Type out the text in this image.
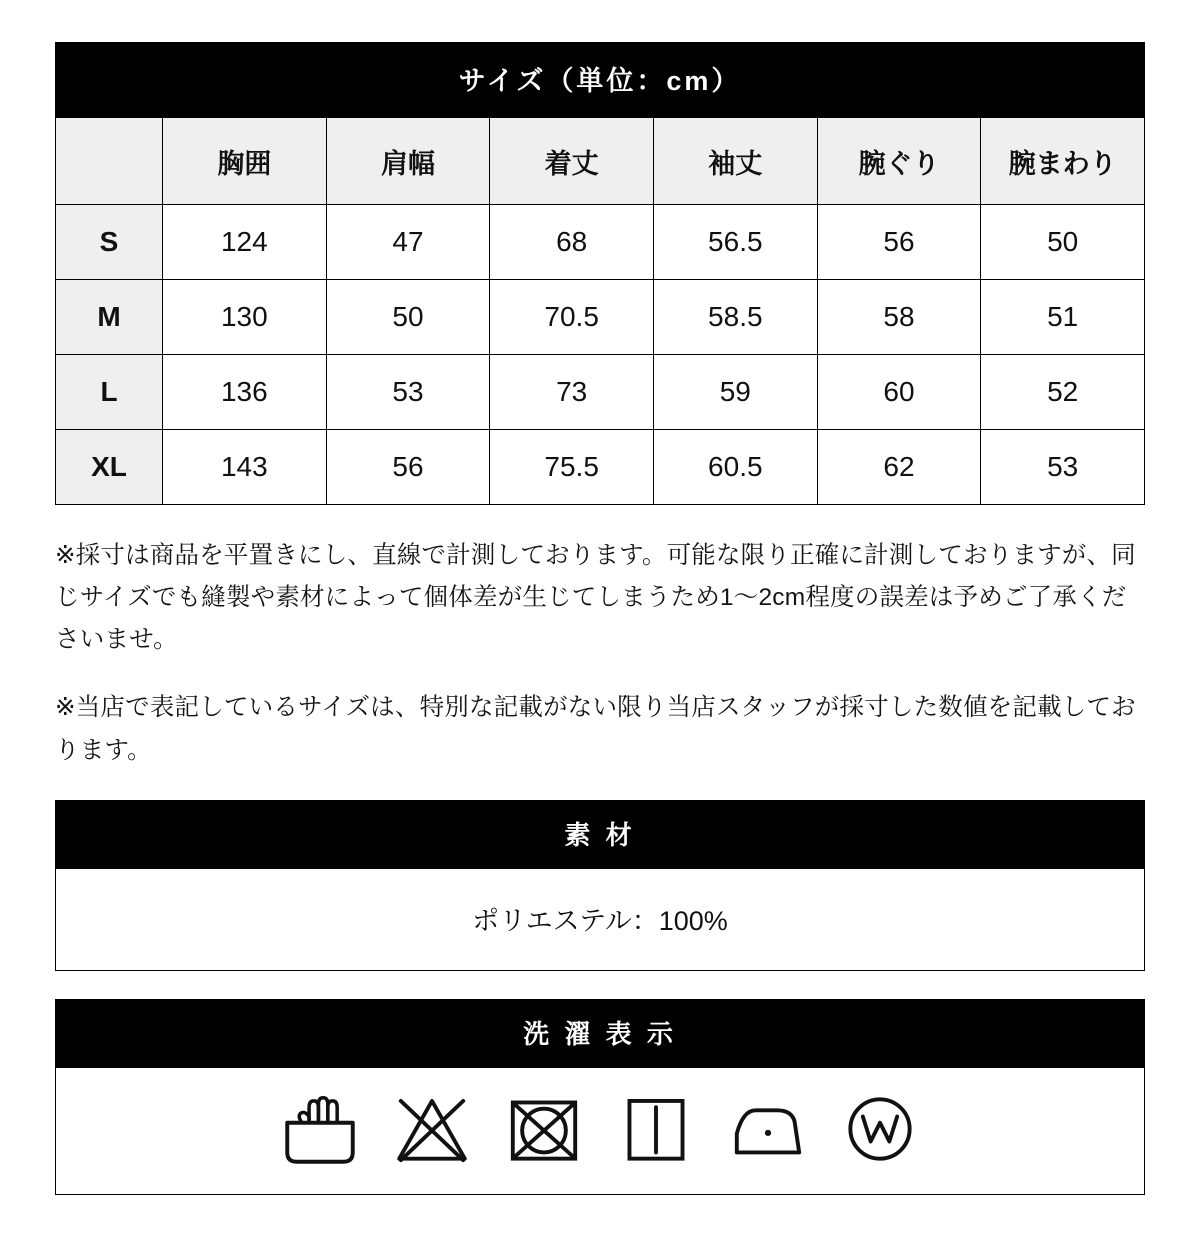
サイズ（単位：cm）
	胸囲	肩幅	着丈	袖丈	腕ぐり	腕まわり
S	124	47	68	56.5	56	50
M	130	50	70.5	58.5	58	51
L	136	53	73	59	60	52
XL	143	56	75.5	60.5	62	53

※採寸は商品を平置きにし、直線で計測しております。可能な限り正確に計測しておりますが、同じサイズでも縫製や素材によって個体差が生じてしまうため1〜2cm程度の誤差は予めご了承くださいませ。

※当店で表記しているサイズは、特別な記載がない限り当店スタッフが採寸した数値を記載しております。

素 材
ポリエステル：100%
洗 濯 表 示
